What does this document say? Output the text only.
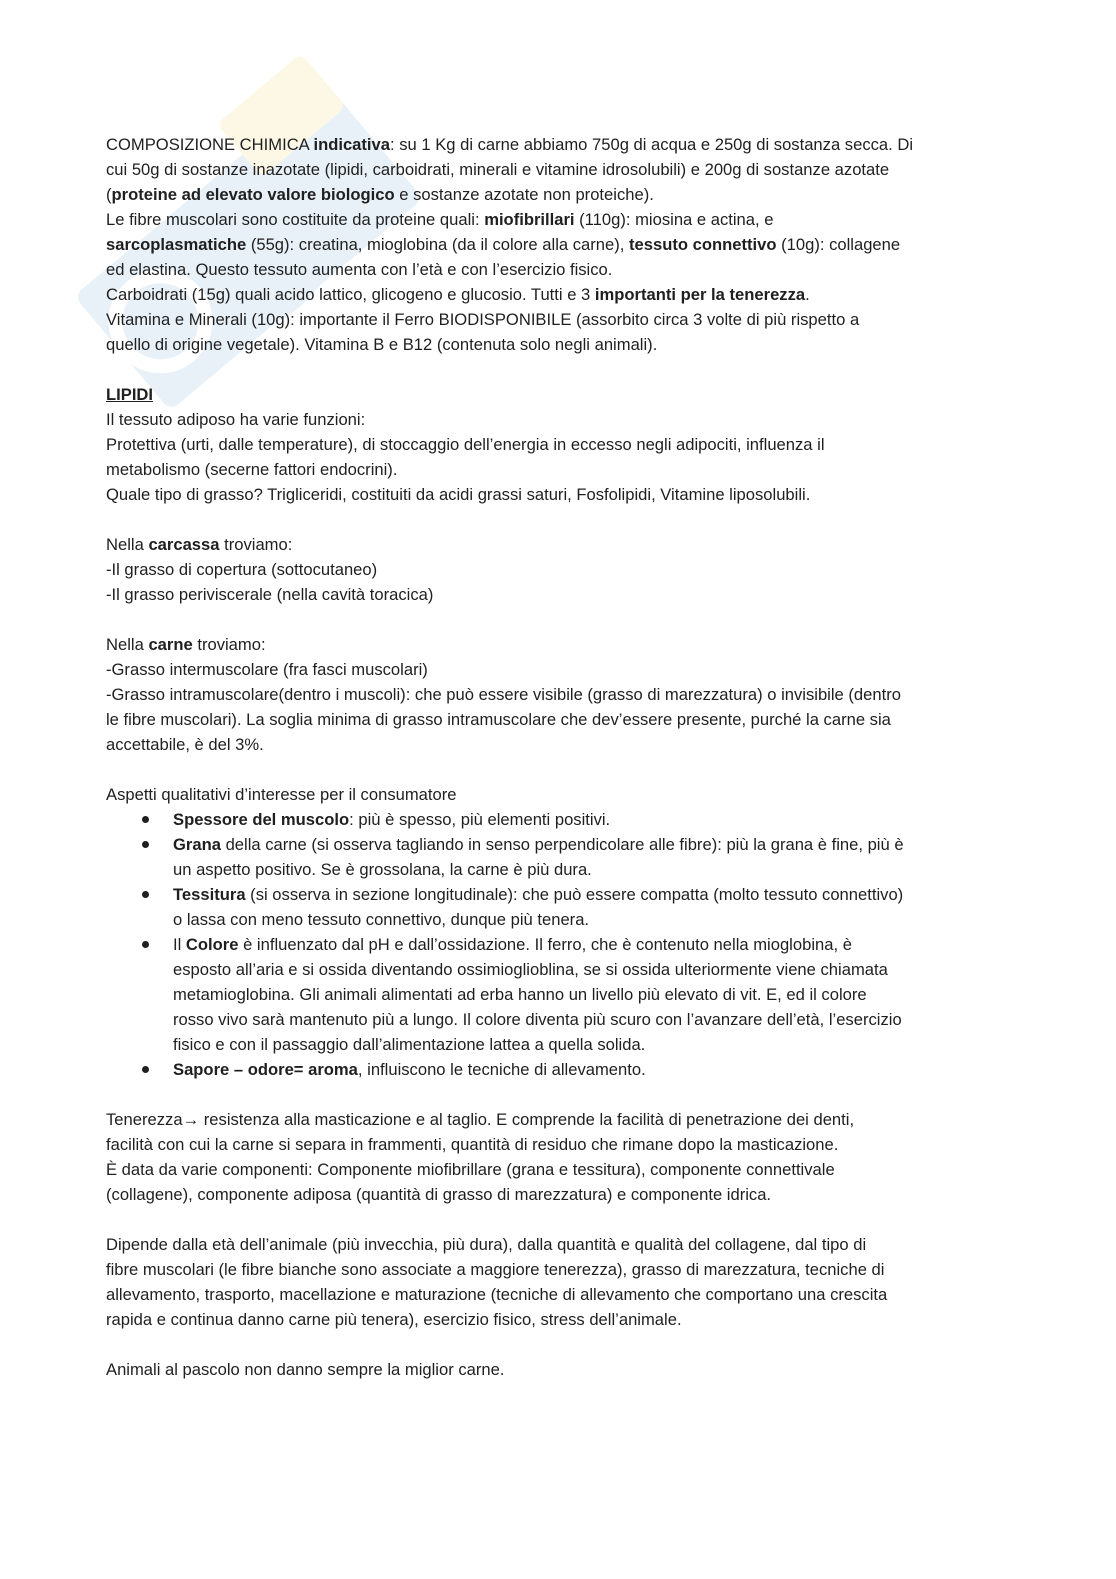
COMPOSIZIONE CHIMICA indicativa: su 1 Kg di carne abbiamo 750g di acqua e 250g di sostanza secca. Di
cui 50g di sostanze inazotate (lipidi, carboidrati, minerali e vitamine idrosolubili) e 200g di sostanze azotate
(proteine ad elevato valore biologico e sostanze azotate non proteiche).
Le fibre muscolari sono costituite da proteine quali: miofibrillari (110g): miosina e actina, e
sarcoplasmatiche (55g): creatina, mioglobina (da il colore alla carne), tessuto connettivo (10g): collagene
ed elastina. Questo tessuto aumenta con l’età e con l’esercizio fisico.
Carboidrati (15g) quali acido lattico, glicogeno e glucosio. Tutti e 3 importanti per la tenerezza.
Vitamina e Minerali (10g): importante il Ferro BIODISPONIBILE (assorbito circa 3 volte di più rispetto a
quello di origine vegetale). Vitamina B e B12 (contenuta solo negli animali).
LIPIDI
Il tessuto adiposo ha varie funzioni:
Protettiva (urti, dalle temperature), di stoccaggio dell’energia in eccesso negli adipociti, influenza il
metabolismo (secerne fattori endocrini).
Quale tipo di grasso? Trigliceridi, costituiti da acidi grassi saturi, Fosfolipidi, Vitamine liposolubili.
Nella carcassa troviamo:
-Il grasso di copertura (sottocutaneo)
-Il grasso periviscerale (nella cavità toracica)
Nella carne troviamo:
-Grasso intermuscolare (fra fasci muscolari)
-Grasso intramuscolare(dentro i muscoli): che può essere visibile (grasso di marezzatura) o invisibile (dentro
le fibre muscolari). La soglia minima di grasso intramuscolare che dev’essere presente, purché la carne sia
accettabile, è del 3%.
Aspetti qualitativi d’interesse per il consumatore
Spessore del muscolo: più è spesso, più elementi positivi.
Grana della carne (si osserva tagliando in senso perpendicolare alle fibre): più la grana è fine, più è
un aspetto positivo. Se è grossolana, la carne è più dura.
Tessitura (si osserva in sezione longitudinale): che può essere compatta (molto tessuto connettivo)
o lassa con meno tessuto connettivo, dunque più tenera.
Il Colore è influenzato dal pH e dall’ossidazione. Il ferro, che è contenuto nella mioglobina, è
esposto all’aria e si ossida diventando ossimioglioblina, se si ossida ulteriormente viene chiamata
metamioglobina. Gli animali alimentati ad erba hanno un livello più elevato di vit. E, ed il colore
rosso vivo sarà mantenuto più a lungo. Il colore diventa più scuro con l’avanzare dell’età, l’esercizio
fisico e con il passaggio dall’alimentazione lattea a quella solida.
Sapore – odore= aroma, influiscono le tecniche di allevamento.
Tenerezza→ resistenza alla masticazione e al taglio. E comprende la facilità di penetrazione dei denti,
facilità con cui la carne si separa in frammenti, quantità di residuo che rimane dopo la masticazione.
È data da varie componenti: Componente miofibrillare (grana e tessitura), componente connettivale
(collagene), componente adiposa (quantità di grasso di marezzatura) e componente idrica.
Dipende dalla età dell’animale (più invecchia, più dura), dalla quantità e qualità del collagene, dal tipo di
fibre muscolari (le fibre bianche sono associate a maggiore tenerezza), grasso di marezzatura, tecniche di
allevamento, trasporto, macellazione e maturazione (tecniche di allevamento che comportano una crescita
rapida e continua danno carne più tenera), esercizio fisico, stress dell’animale.
Animali al pascolo non danno sempre la miglior carne.
